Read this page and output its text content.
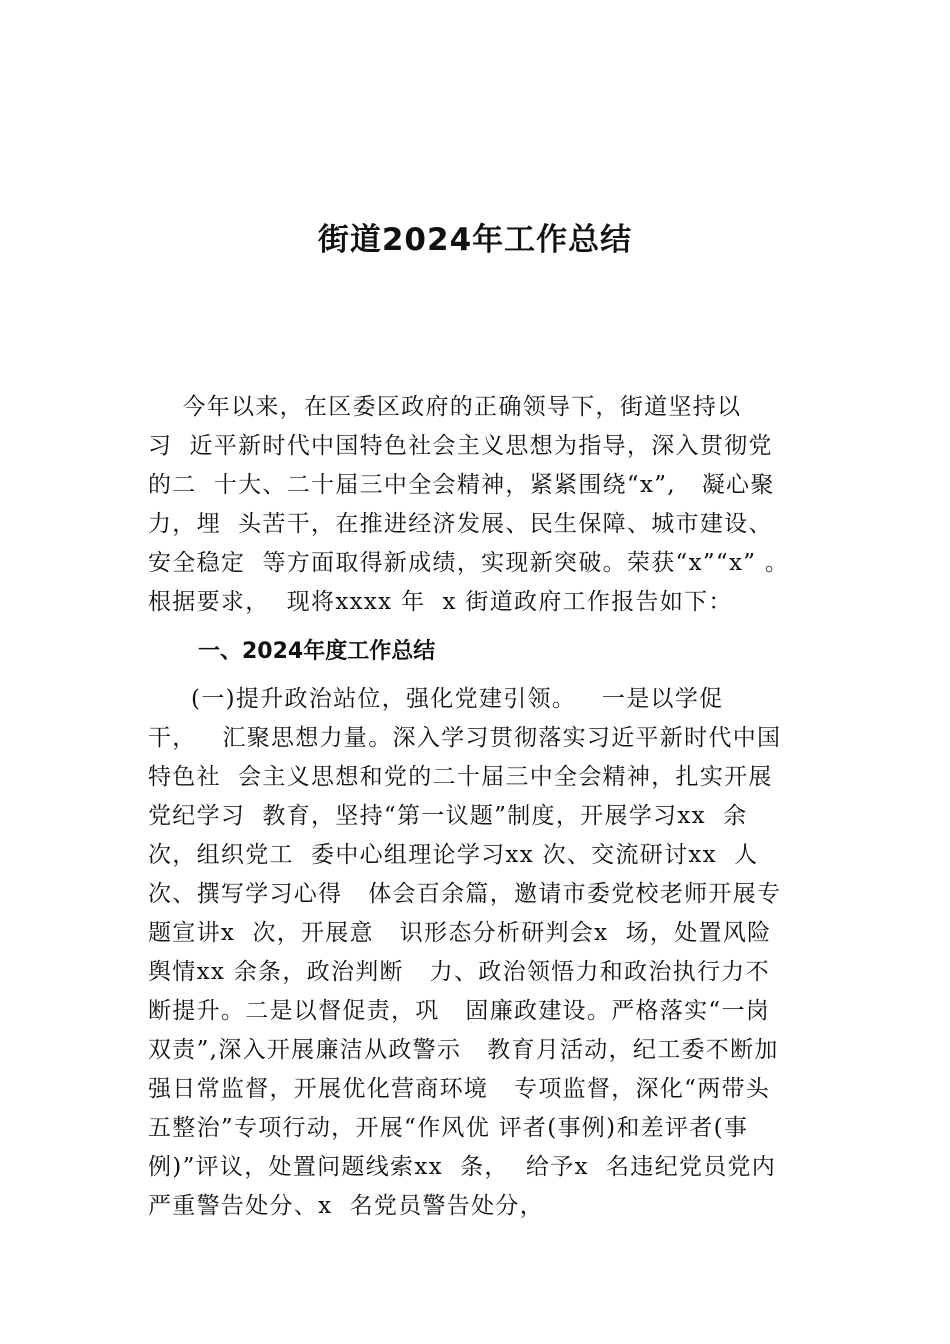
街道2024年工作总结

今年以来，在区委区政府的正确领导下，街道坚持以

习  近平新时代中国特色社会主义思想为指导，深入贯彻党

的二  十大、二十届三中全会精神，紧紧围绕“x”,   凝心聚

力，埋  头苦干，在推进经济发展、民生保障、城市建设、

安全稳定  等方面取得新成绩，实现新突破。荣获“x”“x” 。

根据要求，  现将xxxx 年  x 街道政府工作报告如下：

一、2024年度工作总结

(一)提升政治站位，强化党建引领。   一是以学促

干，   汇聚思想力量。深入学习贯彻落实习近平新时代中国

特色社  会主义思想和党的二十届三中全会精神，扎实开展

党纪学习  教育，坚持“第一议题”制度，开展学习xx  余

次，组织党工  委中心组理论学习xx 次、交流研讨xx  人

次、撰写学习心得   体会百余篇，邀请市委党校老师开展专

题宣讲x  次，开展意   识形态分析研判会x  场，处置风险

舆情xx 余条，政治判断   力、政治领悟力和政治执行力不

断提升。二是以督促责，巩   固廉政建设。严格落实“一岗

双责”,深入开展廉洁从政警示   教育月活动，纪工委不断加

强日常监督，开展优化营商环境   专项监督，深化“两带头

五整治”专项行动，开展“作风优 评者(事例)和差评者(事

例)”评议，处置问题线索xx  条，  给予x  名违纪党员党内

严重警告处分、x  名党员警告处分，
